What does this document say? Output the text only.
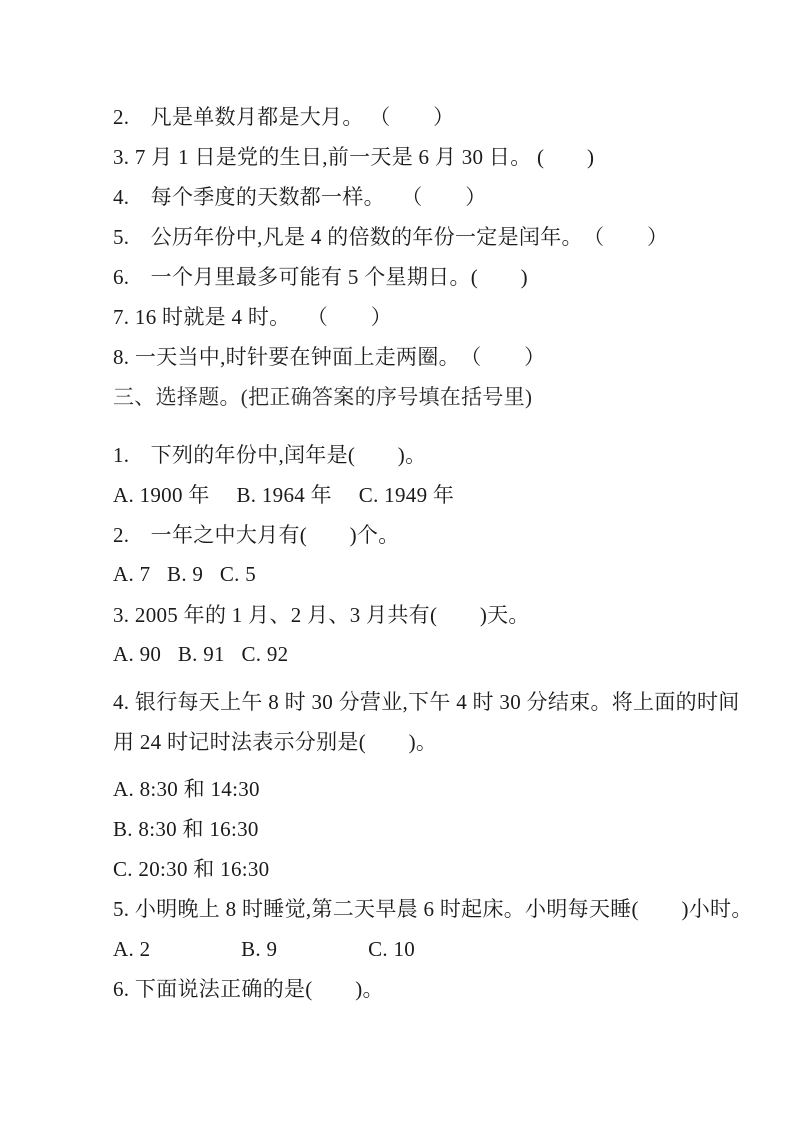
2.　凡是单数月都是大月。 （　　）
3. 7 月 1 日是党的生日,前一天是 6 月 30 日。 (　　)
4.　每个季度的天数都一样。　 （　　）
5.　公历年份中,凡是 4 的倍数的年份一定是闰年。　（　　）
6.　一个月里最多可能有 5 个星期日。(　　)
7. 16 时就是 4 时。　 （　　）
8. 一天当中,时针要在钟面上走两圈。　（　　）
三、选择题。(把正确答案的序号填在括号里)
1.　下列的年份中,闰年是(　　)。
A. 1900 年　 B. 1964 年　 C. 1949 年
2.　一年之中大月有(　　)个。
A. 7   B. 9   C. 5
3. 2005 年的 1 月、2 月、3 月共有(　　)天。
A. 90   B. 91   C. 92
4. 银行每天上午 8 时 30 分营业,下午 4 时 30 分结束。将上面的时间
用 24 时记时法表示分别是(　　)。
A. 8:30 和 14:30
B. 8:30 和 16:30
C. 20:30 和 16:30
5. 小明晚上 8 时睡觉,第二天早晨 6 时起床。小明每天睡(　　)小时。
A. 2　　　　 B. 9　　　　 C. 10
6. 下面说法正确的是(　　)。
